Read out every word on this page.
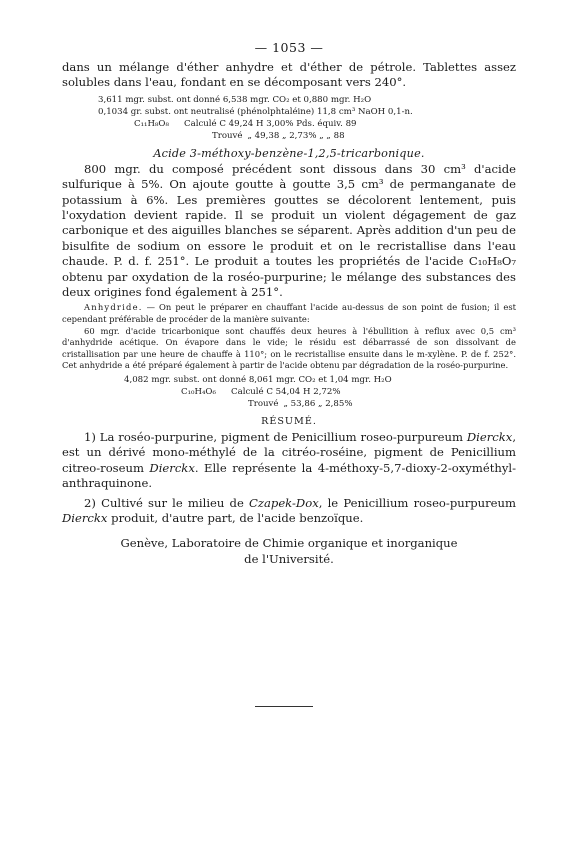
— 1053 —

dans un mélange d'éther anhydre et d'éther de pétrole. Tablettes assez solubles dans l'eau, fondant en se décomposant vers 240°.

3,611 mgr. subst. ont donné 6,538 mgr. CO₂ et 0,880 mgr. H₂O
0,1034 gr. subst. ont neutralisé (phénolphtaléine) 11,8 cm³ NaOH 0,1-n.
C₁₁H₈O₈	Calculé C 49,24 H 3,00% Pds. équiv. 89
Trouvé „ 49,38 „ 2,73% „ „ 88
Acide 3-méthoxy-benzène-1,2,5-tricarbonique.

800 mgr. du composé précédent sont dissous dans 30 cm³ d'acide sulfurique à 5%. On ajoute goutte à goutte 3,5 cm³ de permanganate de potassium à 6%. Les premières gouttes se décolorent lentement, puis l'oxydation devient rapide. Il se produit un violent dégagement de gaz carbonique et des aiguilles blanches se séparent. Après addition d'un peu de bisulfite de sodium on essore le produit et on le recristallise dans l'eau chaude. P. d. f. 251°. Le produit a toutes les propriétés de l'acide C₁₀H₈O₇ obtenu par oxydation de la roséo-purpurine; le mélange des substances des deux origines fond également à 251°.

Anhydride. — On peut le préparer en chauffant l'acide au-dessus de son point de fusion; il est cependant préférable de procéder de la manière suivante:

60 mgr. d'acide tricarbonique sont chauffés deux heures à l'ébullition à reflux avec 0,5 cm³ d'anhydride acétique. On évapore dans le vide; le résidu est débarrassé de son dissolvant de cristallisation par une heure de chauffe à 110°; on le recristallise ensuite dans le m-xylène. P. de f. 252°. Cet anhydride a été préparé également à partir de l'acide obtenu par dégradation de la roséo-purpurine.

4,082 mgr. subst. ont donné 8,061 mgr. CO₂ et 1,04 mgr. H₂O
C₁₀H₄O₆	Calculé C 54,04 H 2,72%
Trouvé „ 53,86 „ 2,85%
RÉSUMÉ.

1) La roséo-purpurine, pigment de Penicillium roseo-purpureum Dierckx, est un dérivé mono-méthylé de la citréo-roséine, pigment de Penicillium citreo-roseum Dierckx. Elle représente la 4-méthoxy-5,7-dioxy-2-oxyméthyl-anthraquinone.

2) Cultivé sur le milieu de Czapek-Dox, le Penicillium roseo-purpureum Dierckx produit, d'autre part, de l'acide benzoïque.

Genève, Laboratoire de Chimie organique et inorganique
de l'Université.
